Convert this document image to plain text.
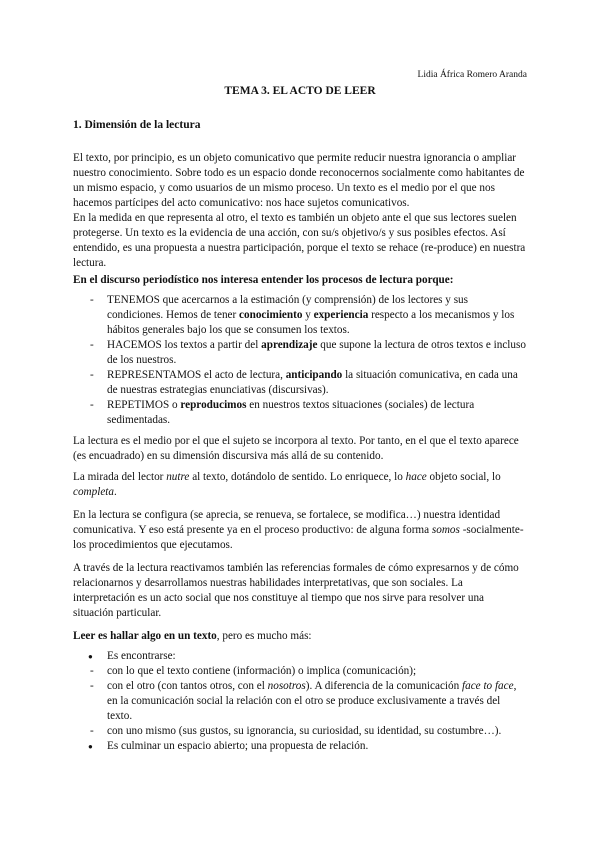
Lidia África Romero Aranda
TEMA 3. EL ACTO DE LEER
1. Dimensión de la lectura

El texto, por principio, es un objeto comunicativo que permite reducir nuestra ignorancia o ampliar nuestro conocimiento. Sobre todo es un espacio donde reconocernos socialmente como habitantes de un mismo espacio, y como usuarios de un mismo proceso. Un texto es el medio por el que nos hacemos partícipes del acto comunicativo: nos hace sujetos comunicativos.

En la medida en que representa al otro, el texto es también un objeto ante el que sus lectores suelen protegerse. Un texto es la evidencia de una acción, con su/s objetivo/s y sus posibles efectos. Así entendido, es una propuesta a nuestra participación, porque el texto se rehace (re-produce) en nuestra lectura.

En el discurso periodístico nos interesa entender los procesos de lectura porque:

- TENEMOS que acercarnos a la estimación (y comprensión) de los lectores y sus condiciones. Hemos de tener conocimiento y experiencia respecto a los mecanismos y los hábitos generales bajo los que se consumen los textos.
- HACEMOS los textos a partir del aprendizaje que supone la lectura de otros textos e incluso de los nuestros.
- REPRESENTAMOS el acto de lectura, anticipando la situación comunicativa, en cada una de nuestras estrategias enunciativas (discursivas).
- REPETIMOS o reproducimos en nuestros textos situaciones (sociales) de lectura sedimentadas.

La lectura es el medio por el que el sujeto se incorpora al texto. Por tanto, en el que el texto aparece (es encuadrado) en su dimensión discursiva más allá de su contenido.

La mirada del lector nutre al texto, dotándolo de sentido. Lo enriquece, lo hace objeto social, lo completa.

En la lectura se configura (se aprecia, se renueva, se fortalece, se modifica…) nuestra identidad comunicativa. Y eso está presente ya en el proceso productivo: de alguna forma somos -socialmente- los procedimientos que ejecutamos.

A través de la lectura reactivamos también las referencias formales de cómo expresarnos y de cómo relacionarnos y desarrollamos nuestras habilidades interpretativas, que son sociales. La interpretación es un acto social que nos constituye al tiempo que nos sirve para resolver una situación particular.

Leer es hallar algo en un texto, pero es mucho más:

● Es encontrarse:
- con lo que el texto contiene (información) o implica (comunicación);
- con el otro (con tantos otros, con el nosotros). A diferencia de la comunicación face to face, en la comunicación social la relación con el otro se produce exclusivamente a través del texto.
- con uno mismo (sus gustos, su ignorancia, su curiosidad, su identidad, su costumbre…).
● Es culminar un espacio abierto; una propuesta de relación.
